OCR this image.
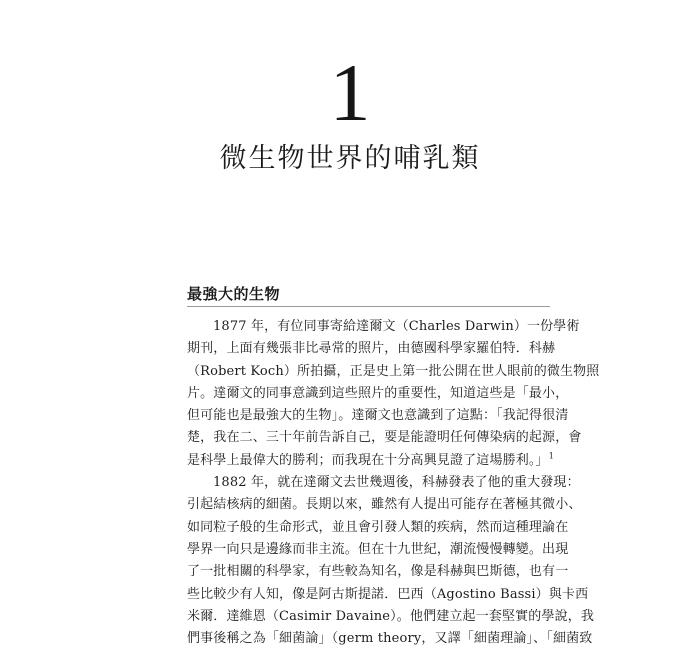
1
微生物世界的哺乳類
最強大的生物
1877 年，有位同事寄給達爾文（Charles Darwin）一份學術
期刊，上面有幾張非比尋常的照片，由德國科學家羅伯特．科赫
（Robert Koch）所拍攝，正是史上第一批公開在世人眼前的微生物照
片。達爾文的同事意識到這些照片的重要性，知道這些是「最小，
但可能也是最強大的生物」。達爾文也意識到了這點：「我記得很清
楚，我在二、三十年前告訴自己，要是能證明任何傳染病的起源，會
是科學上最偉大的勝利；而我現在十分高興見證了這場勝利。」$^1$
1882 年，就在達爾文去世幾週後，科赫發表了他的重大發現：
引起結核病的細菌。長期以來，雖然有人提出可能存在著極其微小、
如同粒子般的生命形式，並且會引發人類的疾病，然而這種理論在
學界一向只是邊緣而非主流。但在十九世紀，潮流慢慢轉變。出現
了一批相關的科學家，有些較為知名，像是科赫與巴斯德，也有一
些比較少有人知，像是阿古斯提諾．巴西（Agostino Bassi）與卡西
米爾．達維恩（Casimir Davaine）。他們建立起一套堅實的學說，我
們事後稱之為「細菌論」（germ theory，又譯「細菌理論」、「細菌致
